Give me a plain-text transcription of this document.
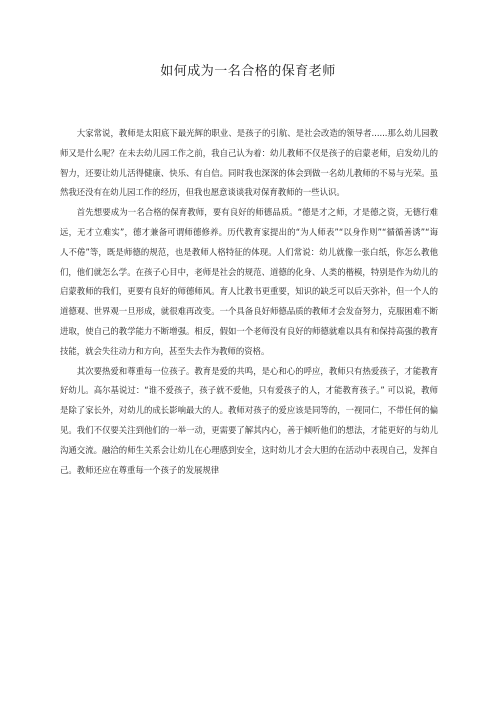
如何成为一名合格的保育老师

大家常说，教师是太阳底下最光辉的职业、是孩子的引航、是社会改造的领导者......那么幼儿园教师又是什么呢？在未去幼儿园工作之前，我自己认为着：幼儿教师不仅是孩子的启蒙老师，启发幼儿的智力，还要让幼儿活得健康、快乐、有自信。同时我也深深的体会到做一名幼儿教师的不易与光荣。虽然我还没有在幼儿园工作的经历，但我也愿意谈谈我对保育教师的一些认识。

首先想要成为一名合格的保育教师，要有良好的师德品质。“德是才之师，才是德之资，无德行难远，无才立难实”，德才兼备可谓师德修养。历代教育家提出的“为人师表”“以身作则”“循循善诱”“诲人不倦”等，既是师德的规范，也是教师人格特征的体现。人们常说：幼儿就像一张白纸，你怎么教他们，他们就怎么学。在孩子心目中，老师是社会的规范、道德的化身、人类的楷模，特别是作为幼儿的启蒙教师的我们，更要有良好的师德师风。育人比教书更重要，知识的缺乏可以后天弥补，但一个人的道德观、世界观一旦形成，就很难再改变。一个具备良好师德品质的教师才会发奋努力，克服困难不断进取，使自己的教学能力不断增强。相反，假如一个老师没有良好的师德就难以具有和保持高强的教育技能，就会失往动力和方向，甚至失去作为教师的资格。

其次要热爱和尊重每一位孩子。教育是爱的共鸣，是心和心的呼应，教师只有热爱孩子，才能教育好幼儿。高尔基说过：“谁不爱孩子，孩子就不爱他，只有爱孩子的人，才能教育孩子。” 可以说，教师是除了家长外，对幼儿的成长影响最大的人。教师对孩子的爱应该是同等的，一视同仁，不带任何的偏见。我们不仅要关注到他们的一举一动，更需要了解其内心，善于倾听他们的想法，才能更好的与幼儿沟通交流。融洽的师生关系会让幼儿在心理感到安全，这时幼儿才会大胆的在活动中表现自己，发挥自己。教师还应在尊重每一个孩子的发展规律
